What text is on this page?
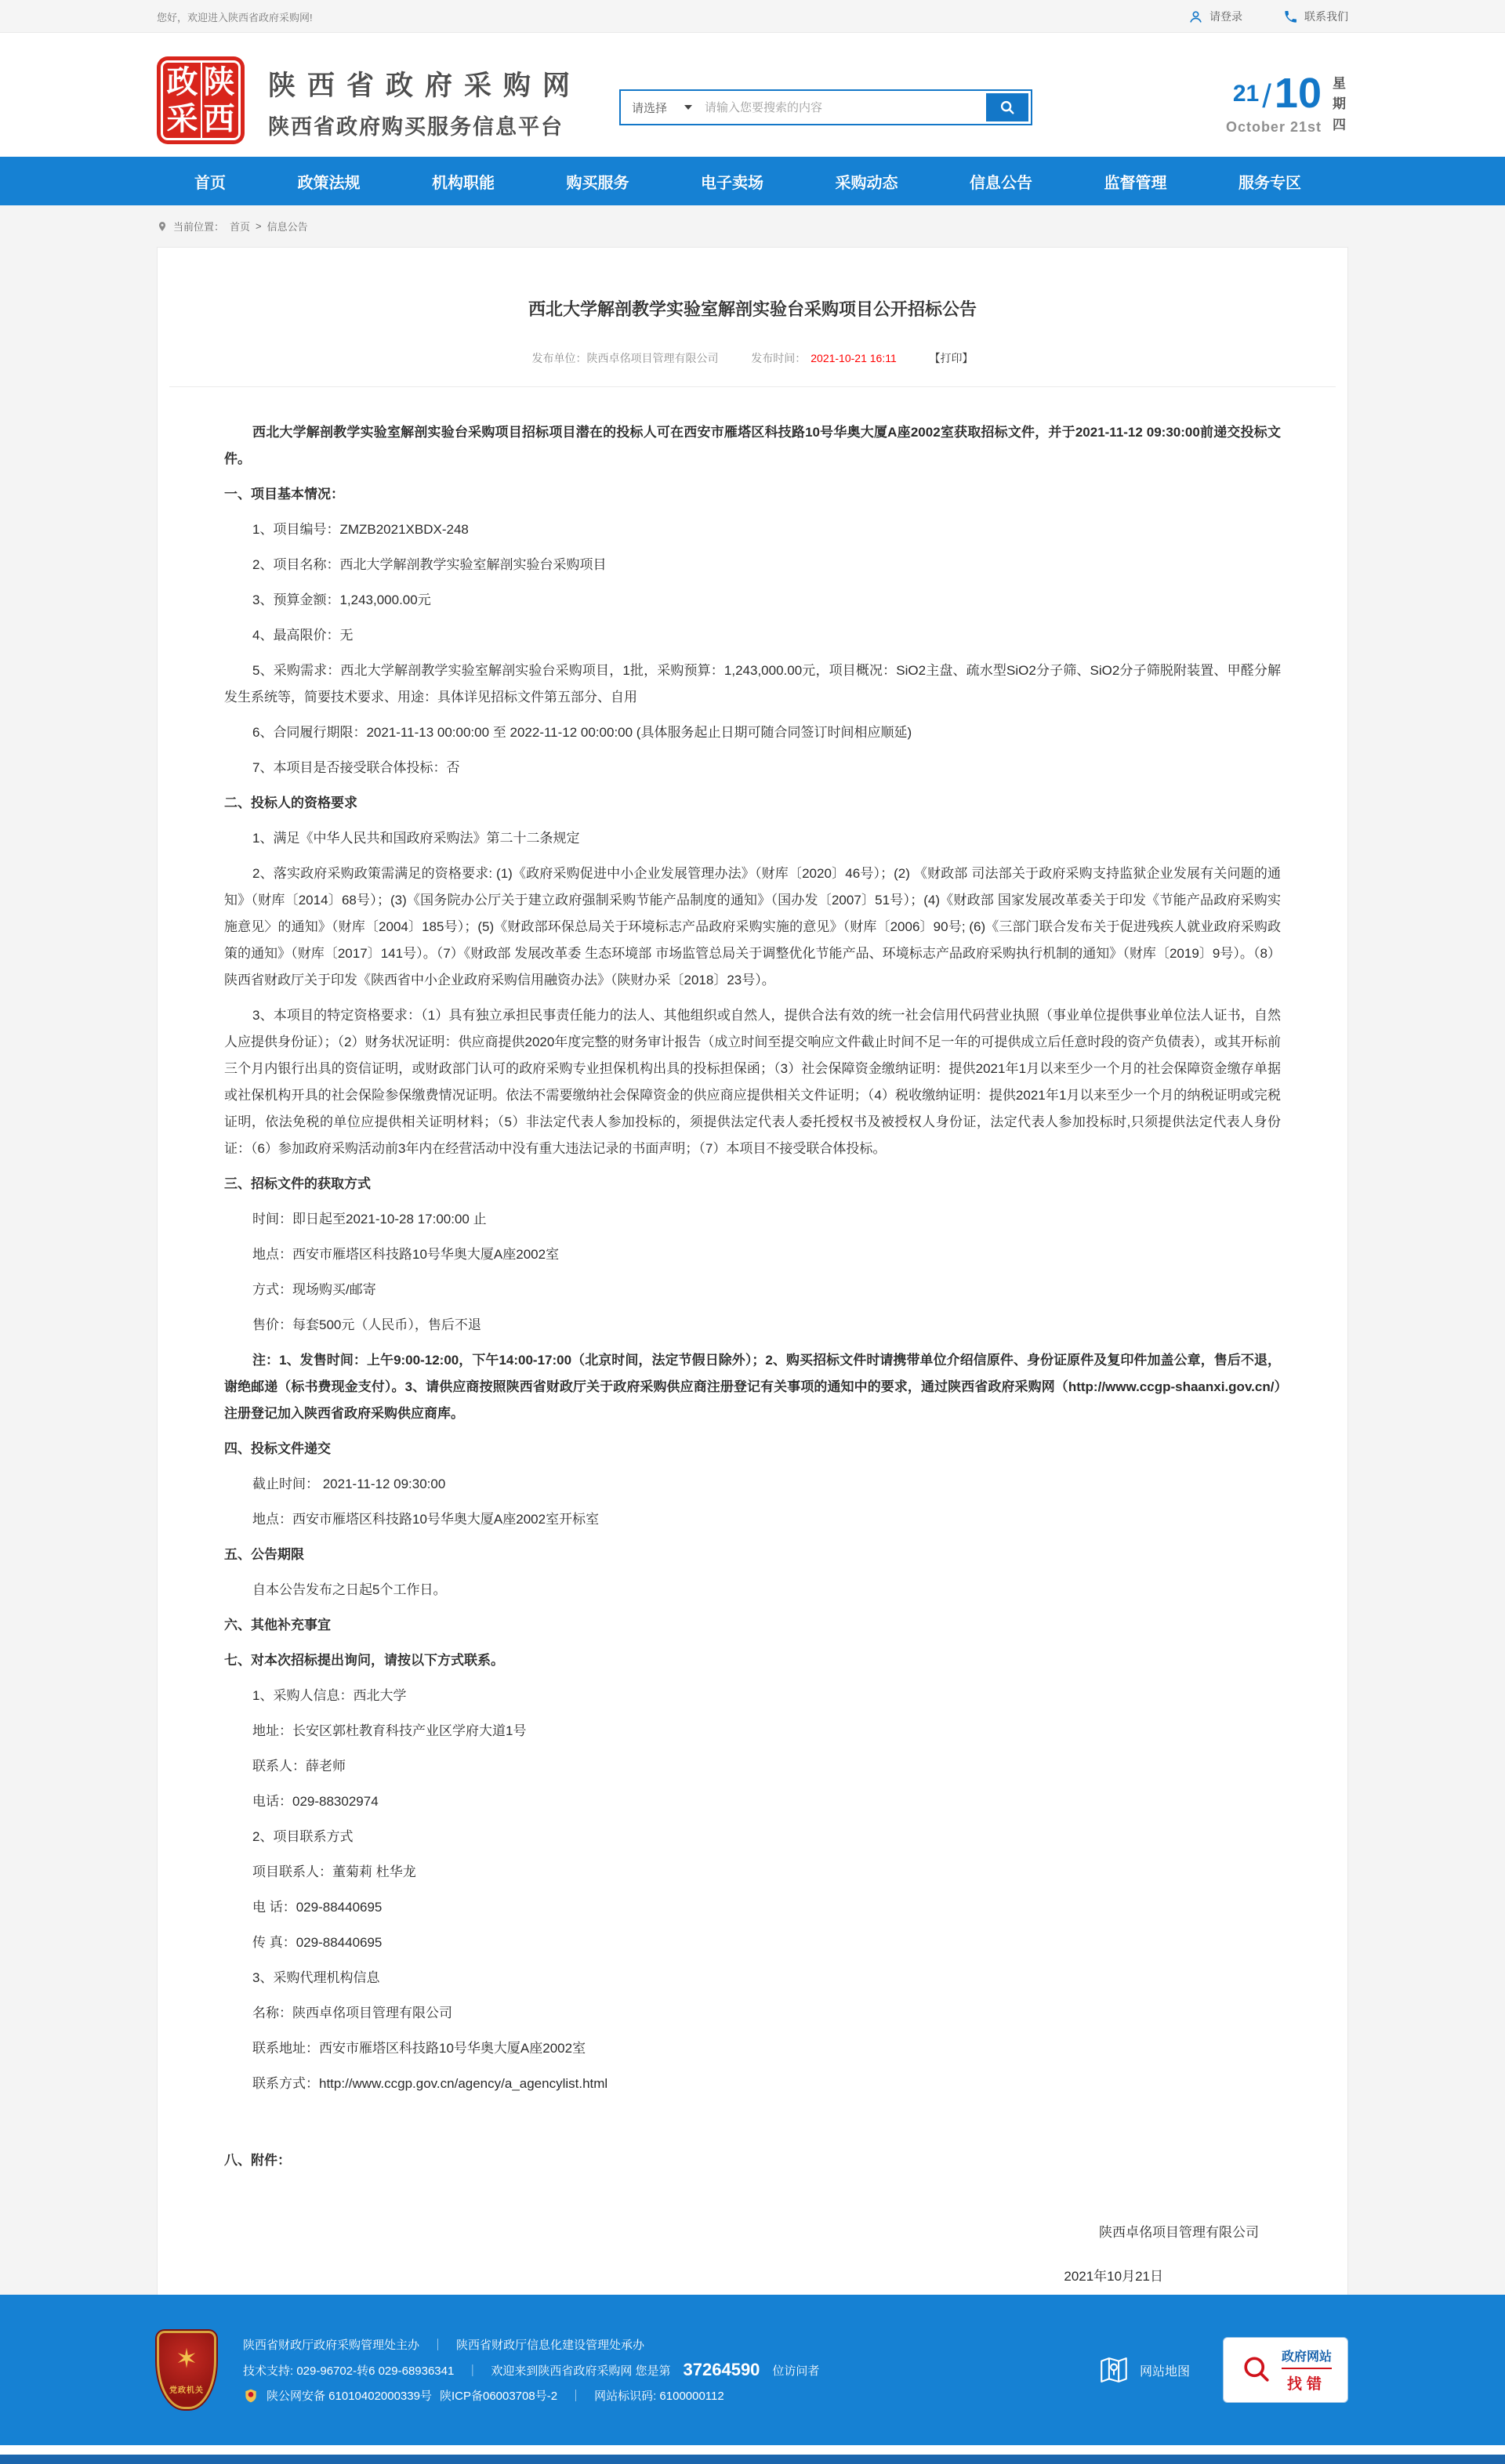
您好，欢迎进入陕西省政府采购网!	请登录	联系我们
政 陕
采 西
陕西省政府采购网
陕西省政府购买服务信息平台
请选择
请输入您要搜索的内容
21/10
October 21st
星期四
首页	政策法规	机构职能	购买服务	电子卖场	采购动态	信息公告	监督管理	服务专区
当前位置： 首页 > 信息公告
西北大学解剖教学实验室解剖实验台采购项目公开招标公告
发布单位：陕西卓佲项目管理有限公司	发布时间： 2021-10-21 16:11	【打印】

西北大学解剖教学实验室解剖实验台采购项目招标项目潜在的投标人可在西安市雁塔区科技路10号华奥大厦A座2002室获取招标文件，并于2021-11-12 09:30:00前递交投标文件。

一、项目基本情况：

1、项目编号：ZMZB2021XBDX-248

2、项目名称：西北大学解剖教学实验室解剖实验台采购项目

3、预算金额：1,243,000.00元

4、最高限价：无

5、采购需求：西北大学解剖教学实验室解剖实验台采购项目，1批，采购预算：1,243,000.00元，项目概况：SiO2主盘、疏水型SiO2分子筛、SiO2分子筛脱附装置、甲醛分解发生系统等，简要技术要求、用途：具体详见招标文件第五部分、自用

6、合同履行期限：2021-11-13 00:00:00 至 2022-11-12 00:00:00 (具体服务起止日期可随合同签订时间相应顺延)

7、本项目是否接受联合体投标：否

二、投标人的资格要求

1、满足《中华人民共和国政府采购法》第二十二条规定

2、落实政府采购政策需满足的资格要求: (1)《政府采购促进中小企业发展管理办法》（财库〔2020〕46号）；(2) 《财政部 司法部关于政府采购支持监狱企业发展有关问题的通知》（财库〔2014〕68号）；(3)《国务院办公厅关于建立政府强制采购节能产品制度的通知》（国办发〔2007〕51号）；(4)《财政部 国家发展改革委关于印发《节能产品政府采购实施意见〉的通知》（财库〔2004〕185号）；(5)《财政部环保总局关于环境标志产品政府采购实施的意见》（财库〔2006〕90号; (6)《三部门联合发布关于促进残疾人就业政府采购政策的通知》（财库〔2017〕141号）。（7）《财政部 发展改革委 生态环境部 市场监管总局关于调整优化节能产品、环境标志产品政府采购执行机制的通知》（财库〔2019〕9号）。（8）陕西省财政厅关于印发《陕西省中小企业政府采购信用融资办法》（陕财办采〔2018〕23号）。

3、本项目的特定资格要求：（1）具有独立承担民事责任能力的法人、其他组织或自然人，提供合法有效的统一社会信用代码营业执照（事业单位提供事业单位法人证书，自然人应提供身份证）；（2）财务状况证明：供应商提供2020年度完整的财务审计报告（成立时间至提交响应文件截止时间不足一年的可提供成立后任意时段的资产负债表），或其开标前三个月内银行出具的资信证明，或财政部门认可的政府采购专业担保机构出具的投标担保函；（3）社会保障资金缴纳证明：提供2021年1月以来至少一个月的社会保障资金缴存单据或社保机构开具的社会保险参保缴费情况证明。依法不需要缴纳社会保障资金的供应商应提供相关文件证明；（4）税收缴纳证明：提供2021年1月以来至少一个月的纳税证明或完税证明，依法免税的单位应提供相关证明材料；（5）非法定代表人参加投标的，须提供法定代表人委托授权书及被授权人身份证，法定代表人参加投标时,只须提供法定代表人身份证：（6）参加政府采购活动前3年内在经营活动中没有重大违法记录的书面声明；（7）本项目不接受联合体投标。

三、招标文件的获取方式

时间：即日起至2021-10-28 17:00:00 止

地点：西安市雁塔区科技路10号华奥大厦A座2002室

方式：现场购买/邮寄

售价：每套500元（人民币），售后不退

注：1、发售时间：上午9:00-12:00，下午14:00-17:00（北京时间，法定节假日除外）；2、购买招标文件时请携带单位介绍信原件、身份证原件及复印件加盖公章，售后不退，谢绝邮递（标书费现金支付）。3、请供应商按照陕西省财政厅关于政府采购供应商注册登记有关事项的通知中的要求，通过陕西省政府采购网（http://www.ccgp-shaanxi.gov.cn/）注册登记加入陕西省政府采购供应商库。

四、投标文件递交

截止时间： 2021-11-12 09:30:00

地点：西安市雁塔区科技路10号华奥大厦A座2002室开标室

五、公告期限

自本公告发布之日起5个工作日。

六、其他补充事宜

七、对本次招标提出询问，请按以下方式联系。

1、采购人信息：西北大学

地址：长安区郭杜教育科技产业区学府大道1号

联系人：薛老师

电话：029-88302974

2、项目联系方式

项目联系人：董菊莉 杜华龙

电 话：029-88440695

传 真：029-88440695

3、采购代理机构信息

名称：陕西卓佲项目管理有限公司

联系地址：西安市雁塔区科技路10号华奥大厦A座2002室

联系方式：http://www.ccgp.gov.cn/agency/a_agencylist.html

八、附件：

陕西卓佲项目管理有限公司

2021年10月21日

✶
党政机关
陕西省财政厅政府采购管理处主办 ｜ 陕西省财政厅信息化建设管理处承办
技术支持: 029-96702-转6 029-68936341 ｜ 欢迎来到陕西省政府采购网 您是第 37264590 位访问者
陕公网安备 61010402000339号 陕ICP备06003708号-2 ｜ 网站标识码: 6100000112
网站地图
政府网站
找错
